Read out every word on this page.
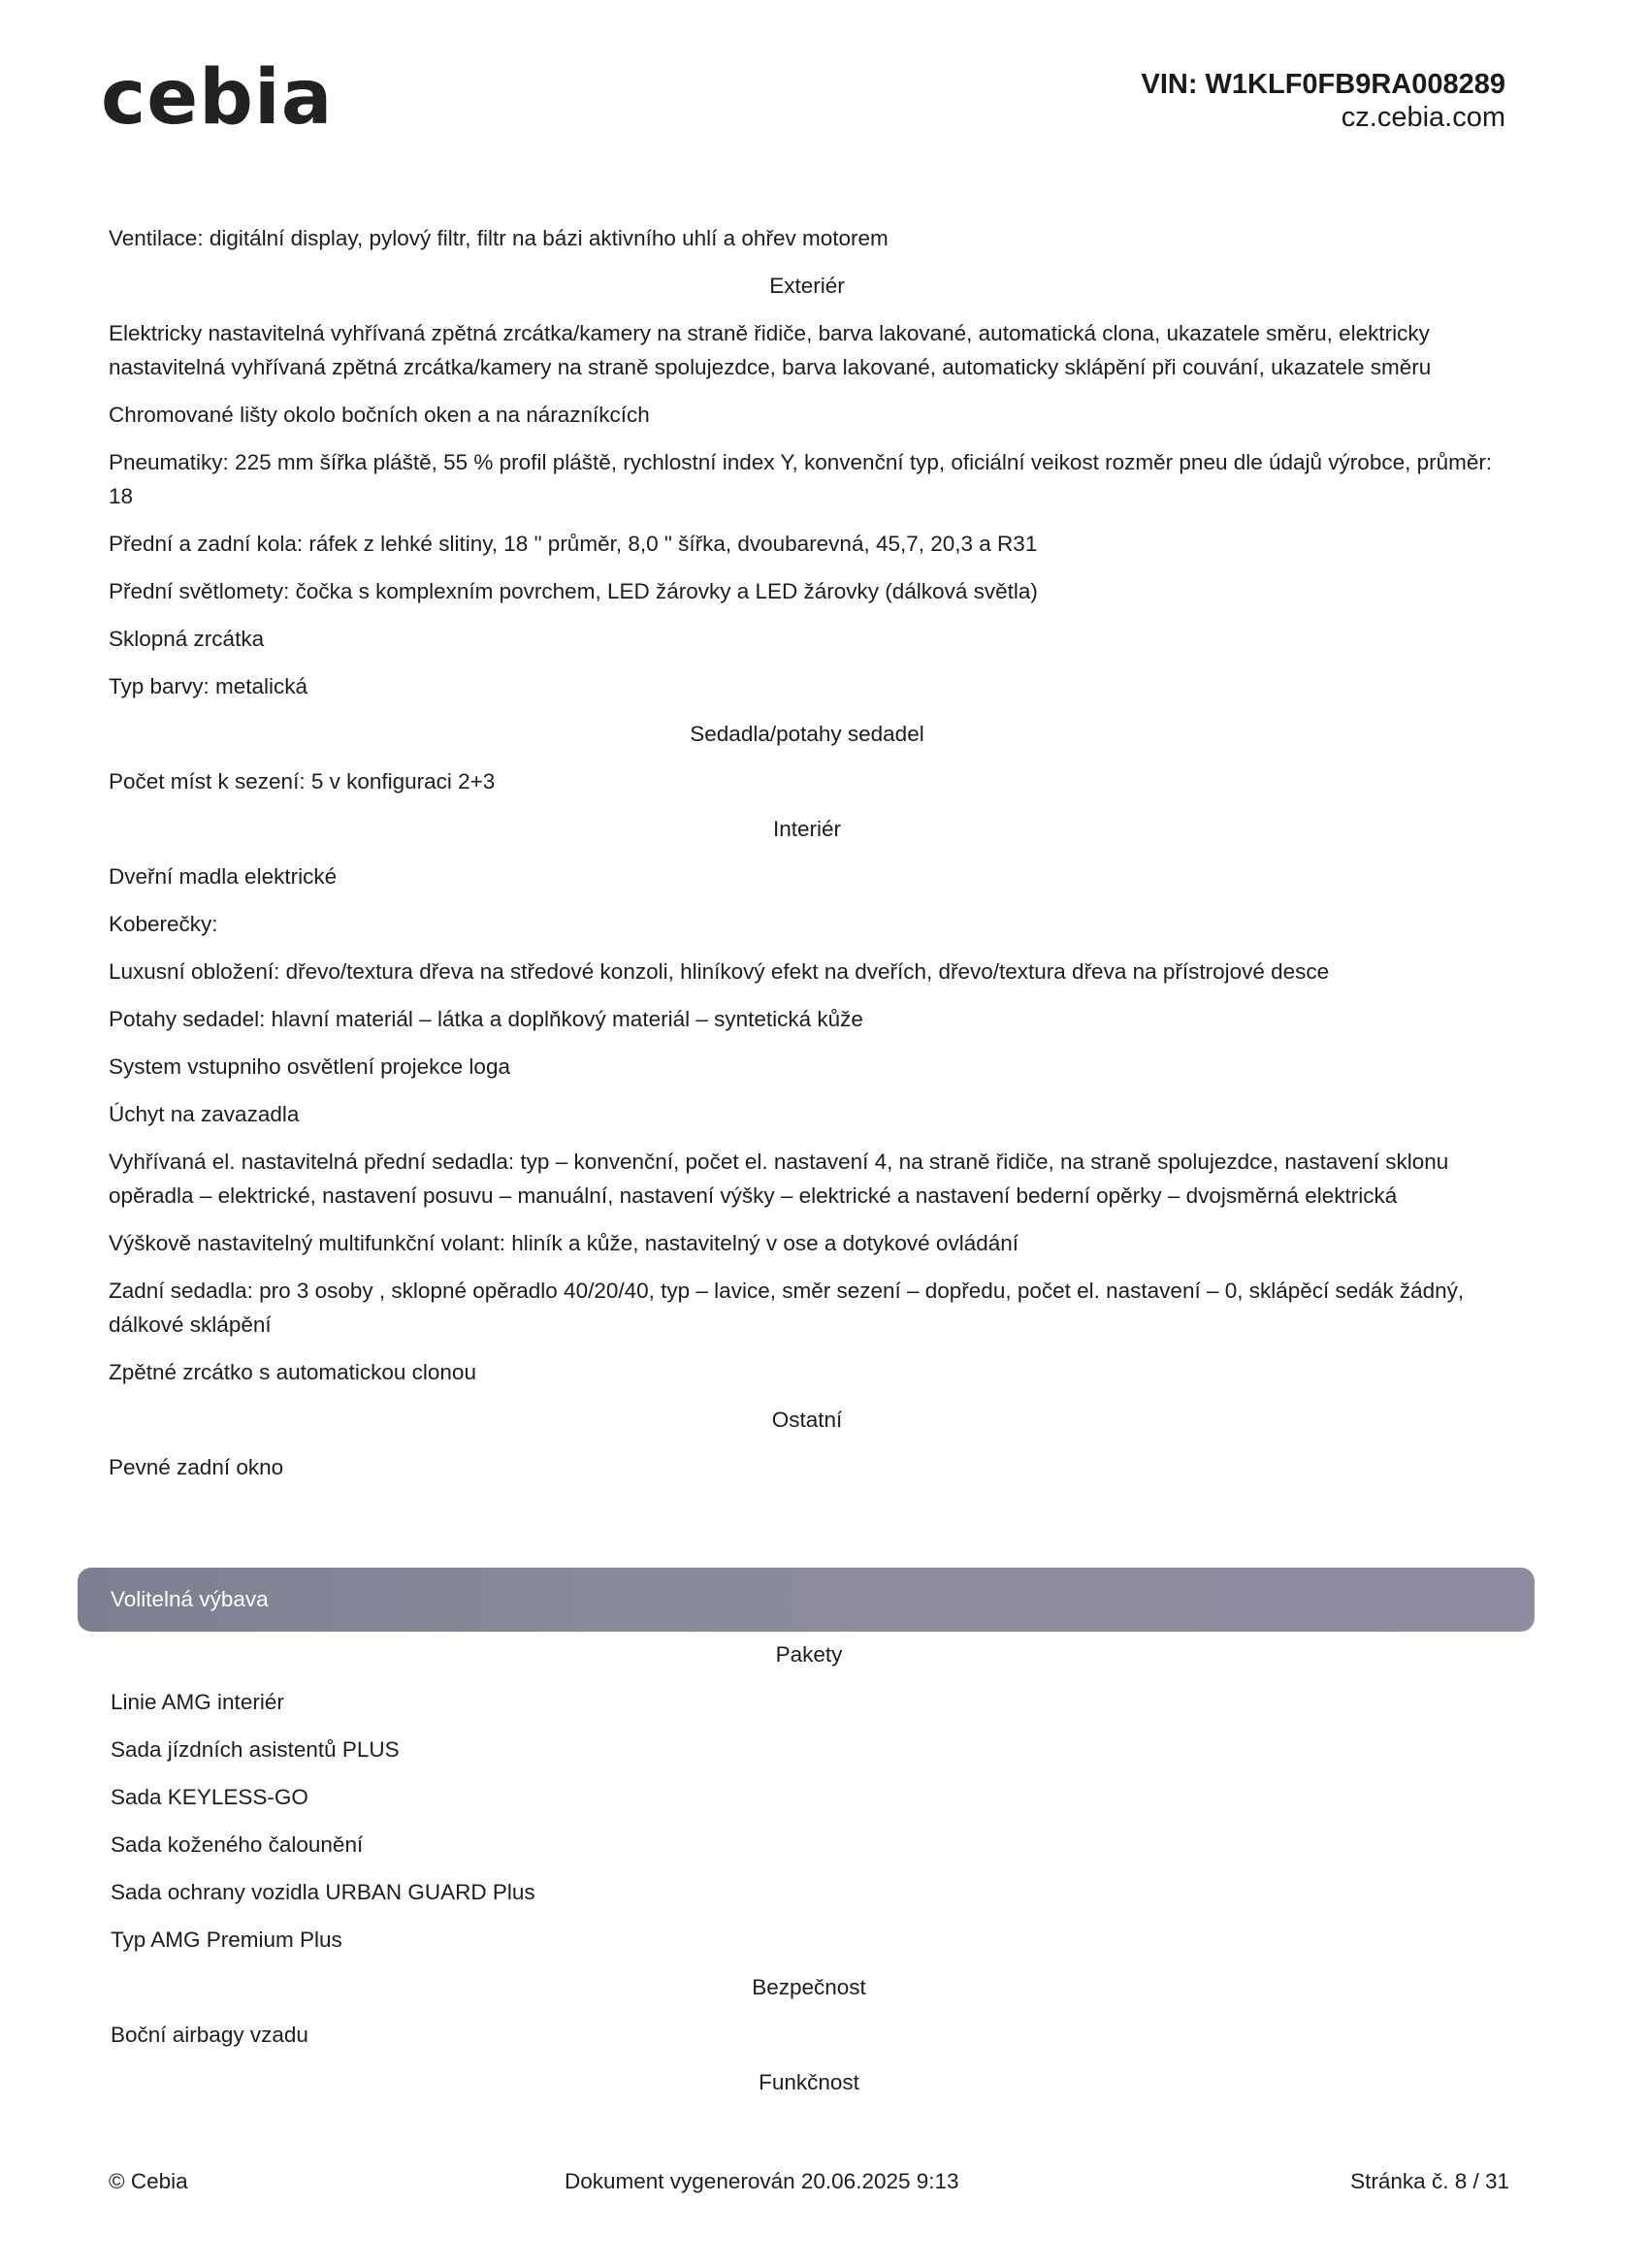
cebia	VIN: W1KLF0FB9RA008289
cz.cebia.com
Ventilace: digitální display, pylový filtr, filtr na bázi aktivního uhlí a ohřev motorem
Exteriér
Elektricky nastavitelná vyhřívaná zpětná zrcátka/kamery na straně řidiče, barva lakované, automatická clona, ukazatele směru, elektricky nastavitelná vyhřívaná zpětná zrcátka/kamery na straně spolujezdce, barva lakované, automaticky sklápění při couvání, ukazatele směru
Chromované lišty okolo bočních oken a na nárazníkcích
Pneumatiky: 225 mm šířka pláště, 55 % profil pláště, rychlostní index Y, konvenční typ, oficiální veikost rozměr pneu dle údajů výrobce, průměr: 18
Přední a zadní kola: ráfek z lehké slitiny, 18 " průměr, 8,0 " šířka, dvoubarevná, 45,7, 20,3 a R31
Přední světlomety: čočka s komplexním povrchem, LED žárovky a LED žárovky (dálková světla)
Sklopná zrcátka
Typ barvy: metalická
Sedadla/potahy sedadel
Počet míst k sezení: 5 v konfiguraci 2+3
Interiér
Dveřní madla elektrické
Koberečky:
Luxusní obložení: dřevo/textura dřeva na středové konzoli, hliníkový efekt na dveřích, dřevo/textura dřeva na přístrojové desce
Potahy sedadel: hlavní materiál – látka a doplňkový materiál – syntetická kůže
System vstupniho osvětlení projekce loga
Úchyt na zavazadla
Vyhřívaná el. nastavitelná přední sedadla: typ – konvenční, počet el. nastavení 4, na straně řidiče, na straně spolujezdce, nastavení sklonu opěradla – elektrické, nastavení posuvu – manuální, nastavení výšky – elektrické a nastavení bederní opěrky – dvojsměrná elektrická
Výškově nastavitelný multifunkční volant: hliník a kůže, nastavitelný v ose a dotykové ovládání
Zadní sedadla: pro 3 osoby , sklopné opěradlo 40/20/40, typ – lavice, směr sezení – dopředu, počet el. nastavení – 0, sklápěcí sedák žádný, dálkové sklápění
Zpětné zrcátko s automatickou clonou
Ostatní
Pevné zadní okno
Volitelná výbava
Pakety
Linie AMG interiér
Sada jízdních asistentů PLUS
Sada KEYLESS-GO
Sada koženého čalounění
Sada ochrany vozidla URBAN GUARD Plus
Typ AMG Premium Plus
Bezpečnost
Boční airbagy vzadu
Funkčnost
© Cebia	Dokument vygenerován 20.06.2025 9:13	Stránka č. 8 / 31
